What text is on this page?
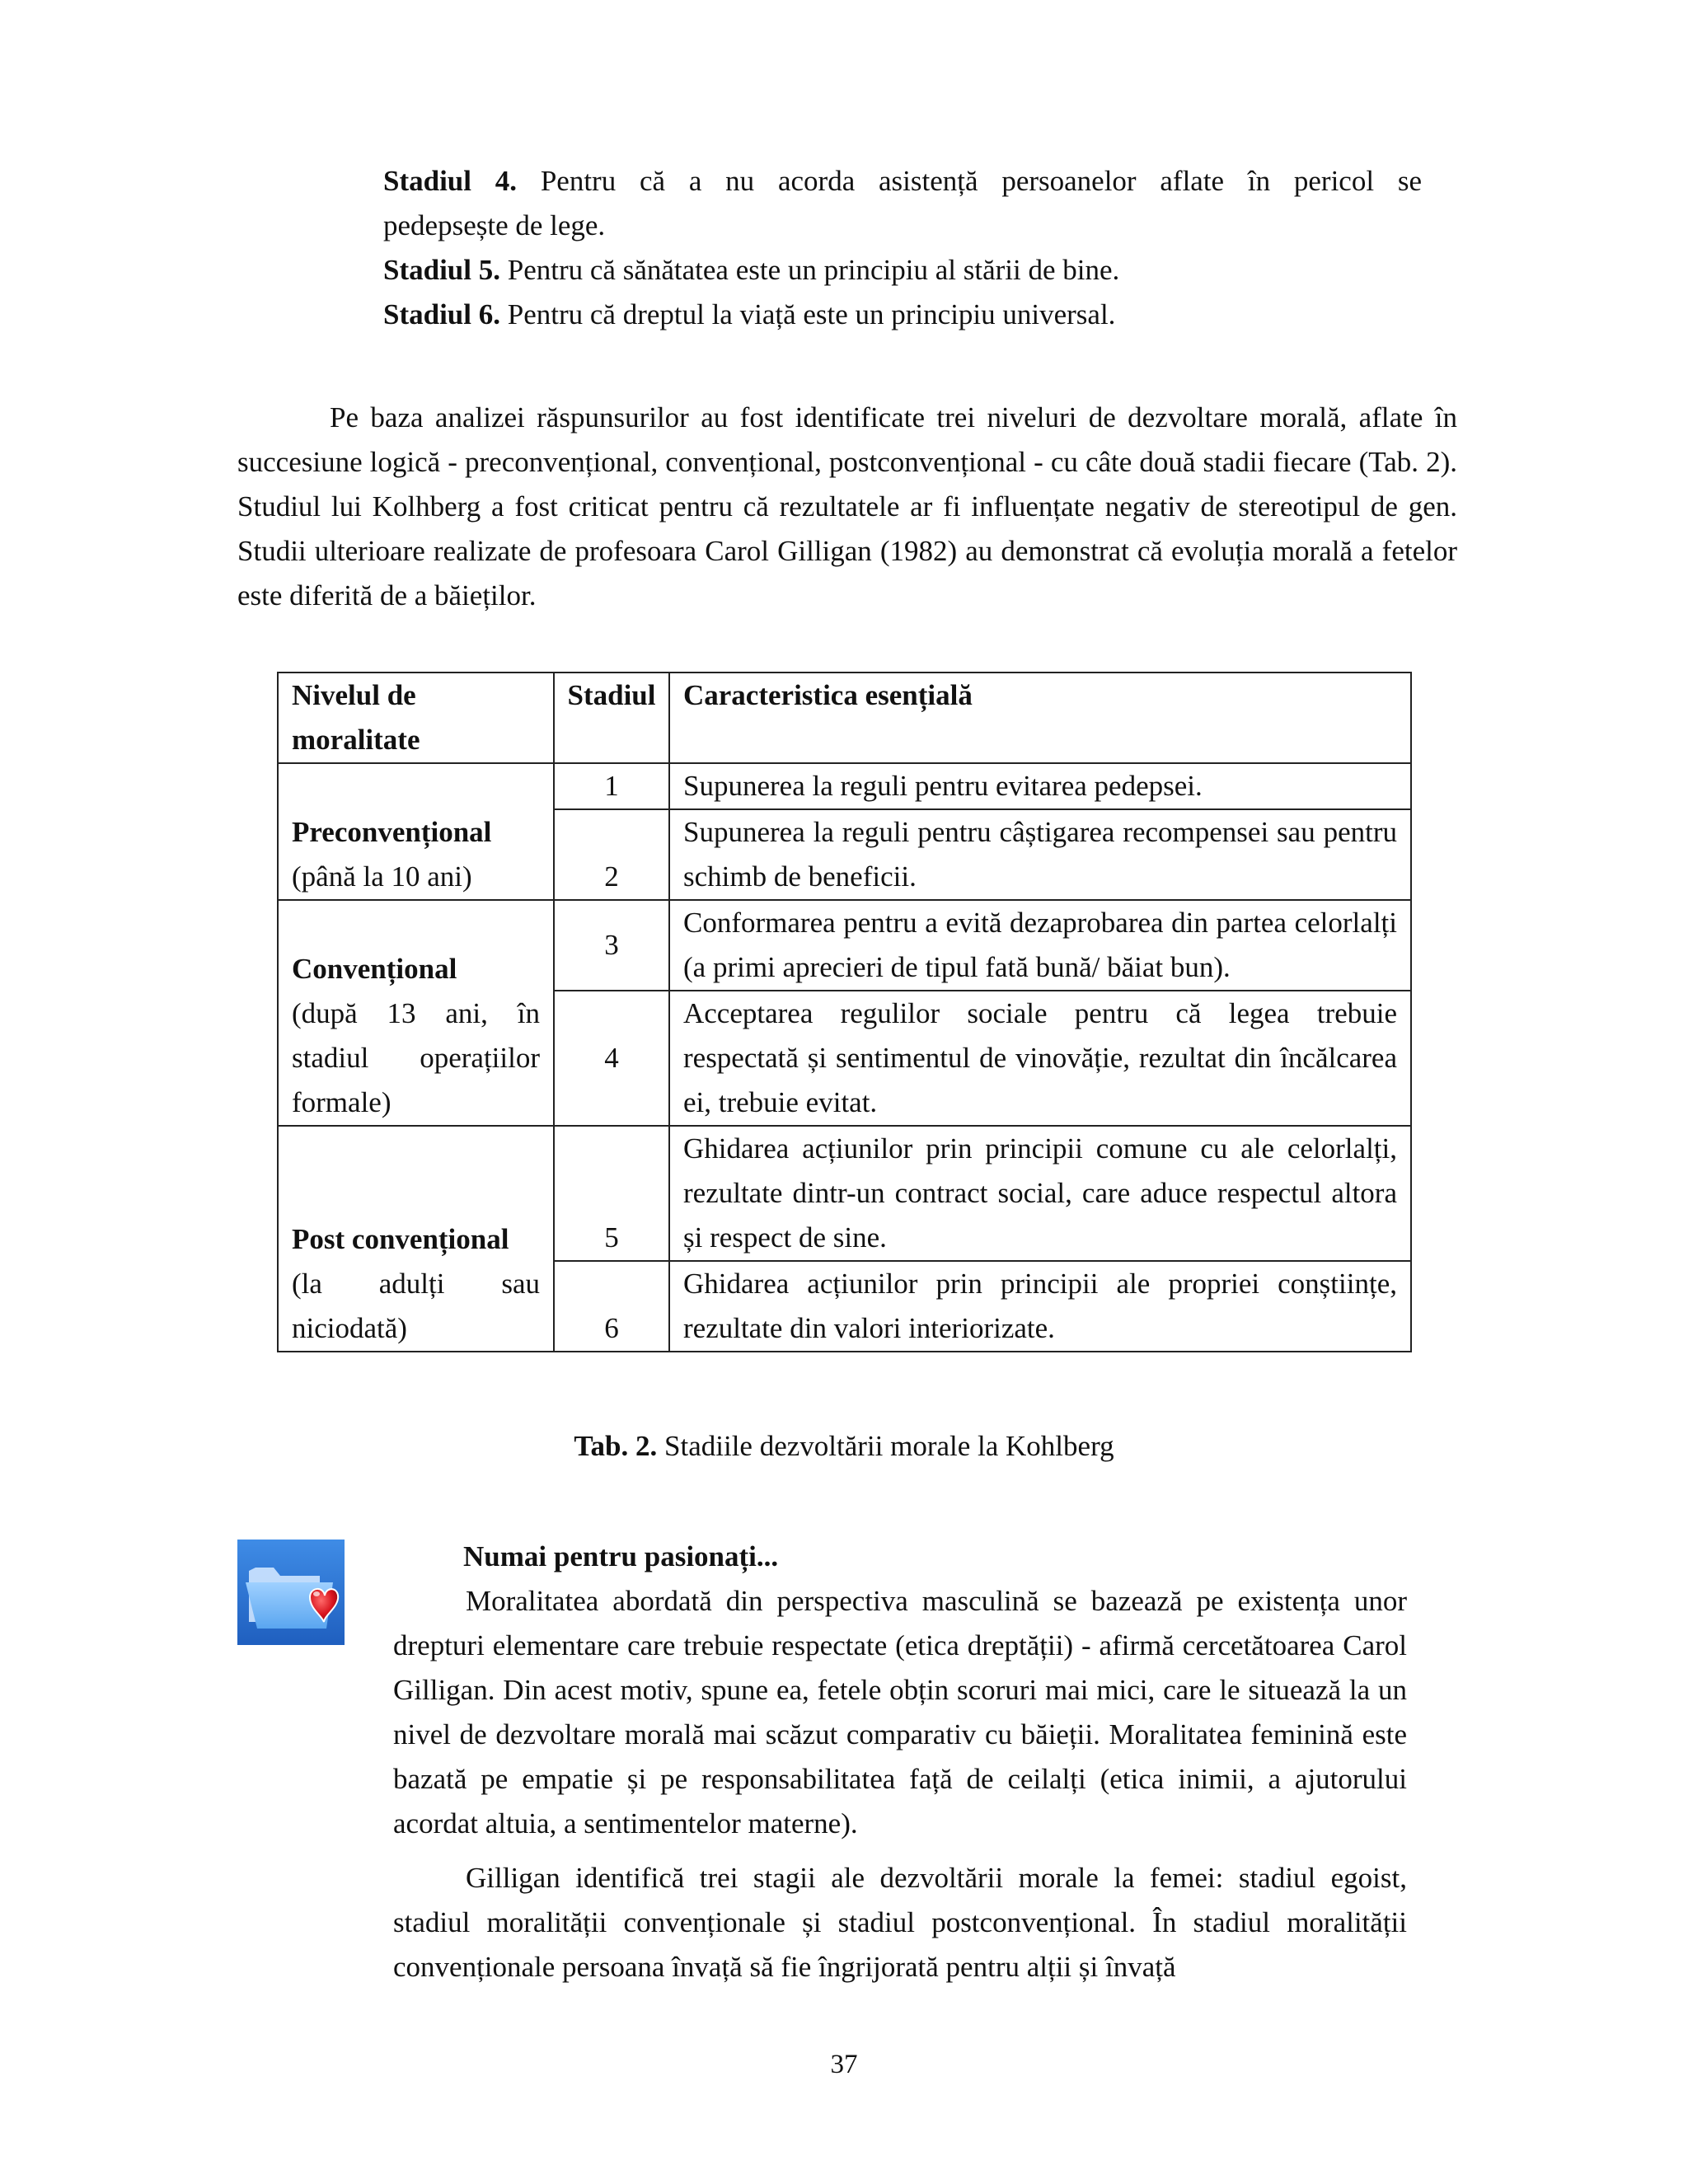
Stadiul 4. Pentru că a nu acorda asistență persoanelor aflate în pericol se

pedepsește de lege.

Stadiul 5. Pentru că sănătatea este un principiu al stării de bine.

Stadiul 6. Pentru că dreptul la viață este un principiu universal.

Pe baza analizei răspunsurilor au fost identificate trei niveluri de dezvoltare morală, aflate în succesiune logică - preconvențional, convențional, postconvențional - cu câte două stadii fiecare (Tab. 2). Studiul lui Kolhberg a fost criticat pentru că rezultatele ar fi influențate negativ de stereotipul de gen. Studii ulterioare realizate de profesoara Carol Gilligan (1982) au demonstrat că evoluția morală a fetelor este diferită de a băieților.

Nivelul de moralitate	Stadiul	Caracteristica esențială

Preconvențional
(până la 10 ani)	1	Supunerea la reguli pentru evitarea pedepsei.
	2	Supunerea la reguli pentru câștigarea recompensei sau pentru schimb de beneficii.

Convențional
(după 13 ani, în stadiul operațiilor formale)	3	Conformarea pentru a evită dezaprobarea din partea celorlalți (a primi aprecieri de tipul fată bună/ băiat bun).
	4	Acceptarea regulilor sociale pentru că legea trebuie respectată și sentimentul de vinovăție, rezultat din încălcarea ei, trebuie evitat.

Post convențional
(la adulți sau niciodată)	5	Ghidarea acțiunilor prin principii comune cu ale celorlalți, rezultate dintr-un contract social, care aduce respectul altora și respect de sine.
	6	Ghidarea acțiunilor prin principii ale propriei conștiințe, rezultate din valori interiorizate.
Tab. 2. Stadiile dezvoltării morale la Kohlberg

Numai pentru pasionați...

Moralitatea abordată din perspectiva masculină se bazează pe existența unor drepturi elementare care trebuie respectate (etica dreptății) - afirmă cercetătoarea Carol Gilligan. Din acest motiv, spune ea, fetele obțin scoruri mai mici, care le situează la un nivel de dezvoltare morală mai scăzut comparativ cu băieții. Moralitatea feminină este bazată pe empatie și pe responsabilitatea față de ceilalți (etica inimii, a ajutorului acordat altuia, a sentimentelor materne).

Gilligan identifică trei stagii ale dezvoltării morale la femei: stadiul egoist, stadiul moralității convenționale și stadiul postconvențional. În stadiul moralității convenționale persoana învață să fie îngrijorată pentru alții și învață

37
